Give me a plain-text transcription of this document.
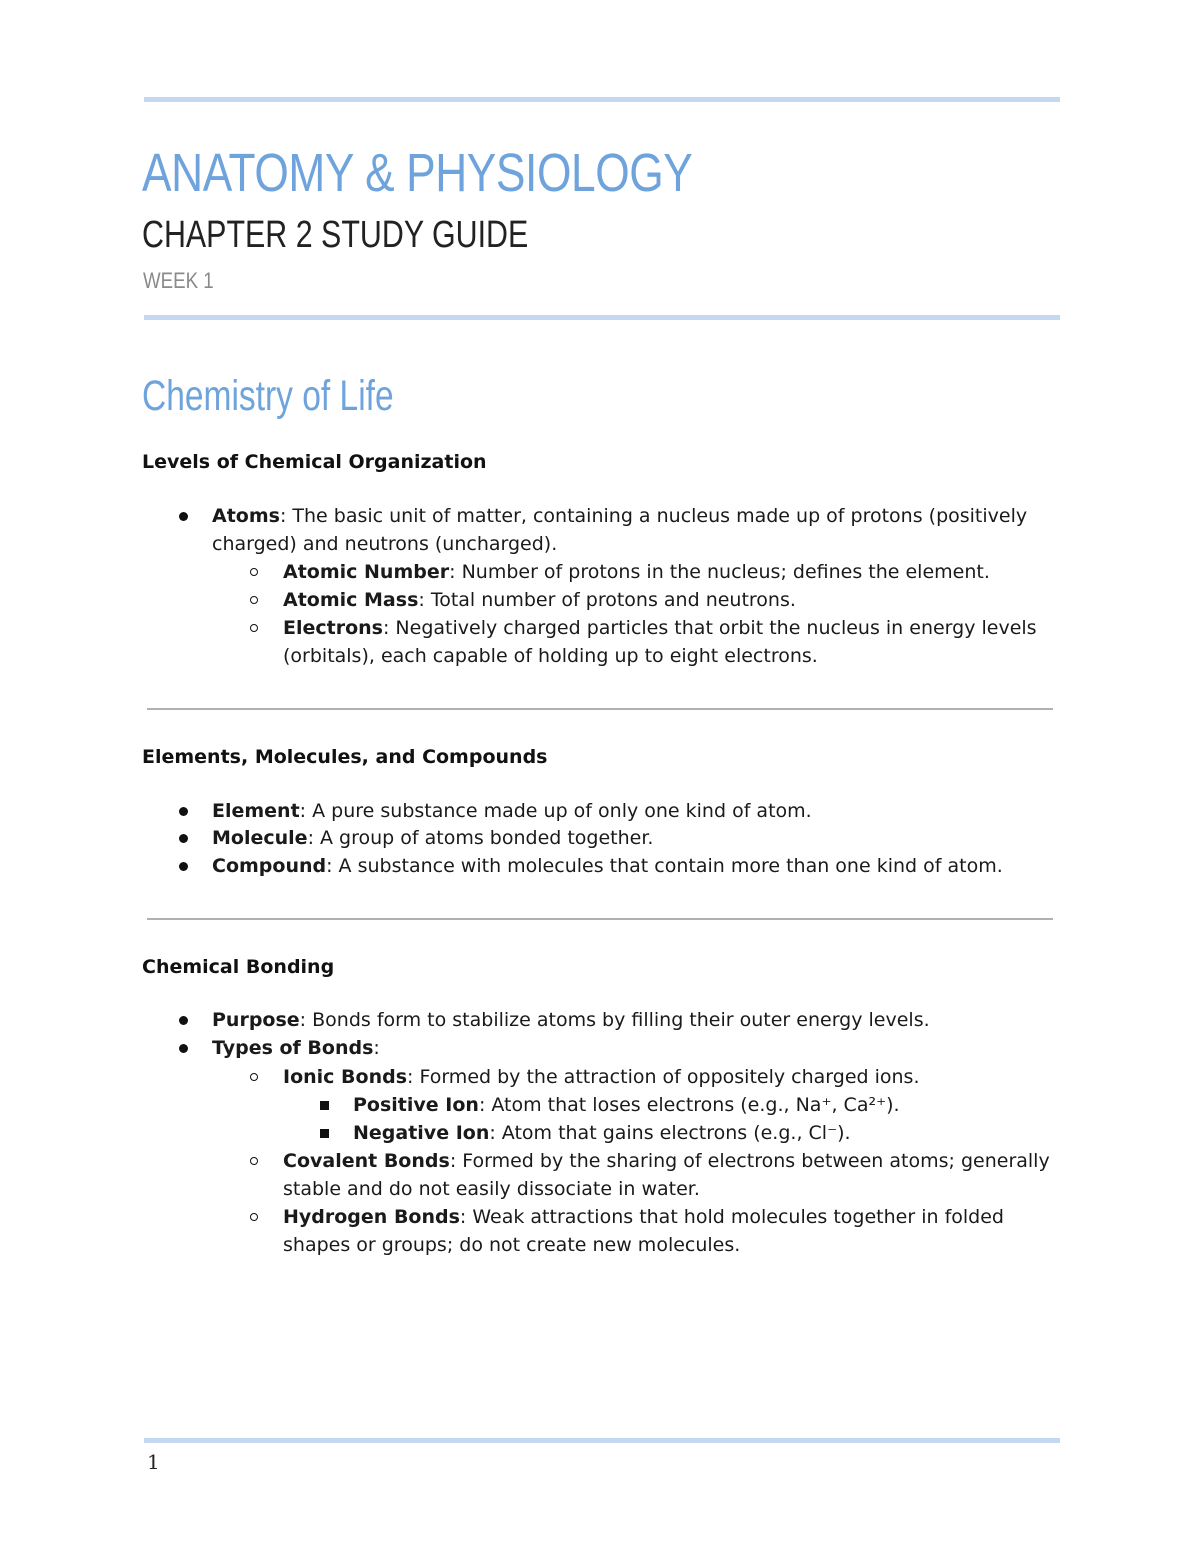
ANATOMY & PHYSIOLOGY
CHAPTER 2 STUDY GUIDE
WEEK 1
Chemistry of Life
Levels of Chemical Organization
Atoms: The basic unit of matter, containing a nucleus made up of protons (positively
charged) and neutrons (uncharged).
Atomic Number: Number of protons in the nucleus; defines the element.
Atomic Mass: Total number of protons and neutrons.
Electrons: Negatively charged particles that orbit the nucleus in energy levels
(orbitals), each capable of holding up to eight electrons.
Elements, Molecules, and Compounds
Element: A pure substance made up of only one kind of atom.
Molecule: A group of atoms bonded together.
Compound: A substance with molecules that contain more than one kind of atom.
Chemical Bonding
Purpose: Bonds form to stabilize atoms by filling their outer energy levels.
Types of Bonds:
Ionic Bonds: Formed by the attraction of oppositely charged ions.
Positive Ion: Atom that loses electrons (e.g., Na⁺, Ca²⁺).
Negative Ion: Atom that gains electrons (e.g., Cl⁻).
Covalent Bonds: Formed by the sharing of electrons between atoms; generally
stable and do not easily dissociate in water.
Hydrogen Bonds: Weak attractions that hold molecules together in folded
shapes or groups; do not create new molecules.
1
